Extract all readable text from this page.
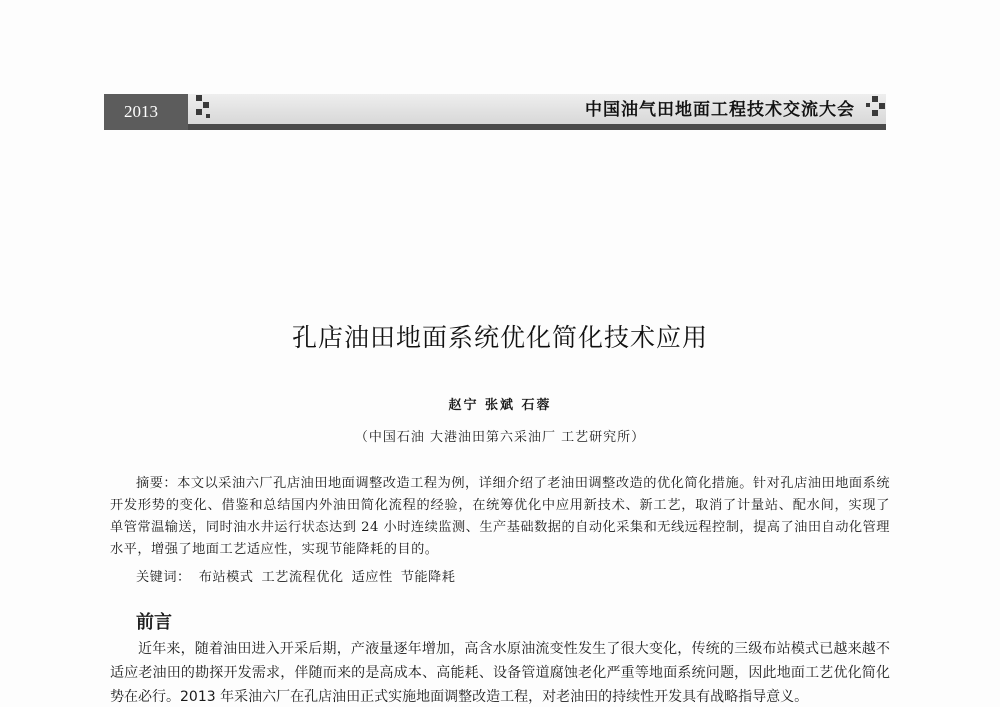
2013	中国油气田地面工程技术交流大会
孔店油田地面系统优化简化技术应用
赵宁 张斌 石蓉
（中国石油 大港油田第六采油厂 工艺研究所）

摘要：本文以采油六厂孔店油田地面调整改造工程为例，详细介绍了老油田调整改造的优化简化措施。针对孔店油田地面系统开发形势的变化、借鉴和总结国内外油田简化流程的经验，在统筹优化中应用新技术、新工艺，取消了计量站、配水间，实现了单管常温输送，同时油水井运行状态达到 24 小时连续监测、生产基础数据的自动化采集和无线远程控制，提高了油田自动化管理水平，增强了地面工艺适应性，实现节能降耗的目的。

关键词： 布站模式 工艺流程优化 适应性 节能降耗
前言

近年来，随着油田进入开采后期，产液量逐年增加，高含水原油流变性发生了很大变化，传统的三级布站模式已越来越不适应老油田的勘探开发需求，伴随而来的是高成本、高能耗、设备管道腐蚀老化严重等地面系统问题，因此地面工艺优化简化势在必行。2013 年采油六厂在孔店油田正式实施地面调整改造工程，对老油田的持续性开发具有战略指导意义。
